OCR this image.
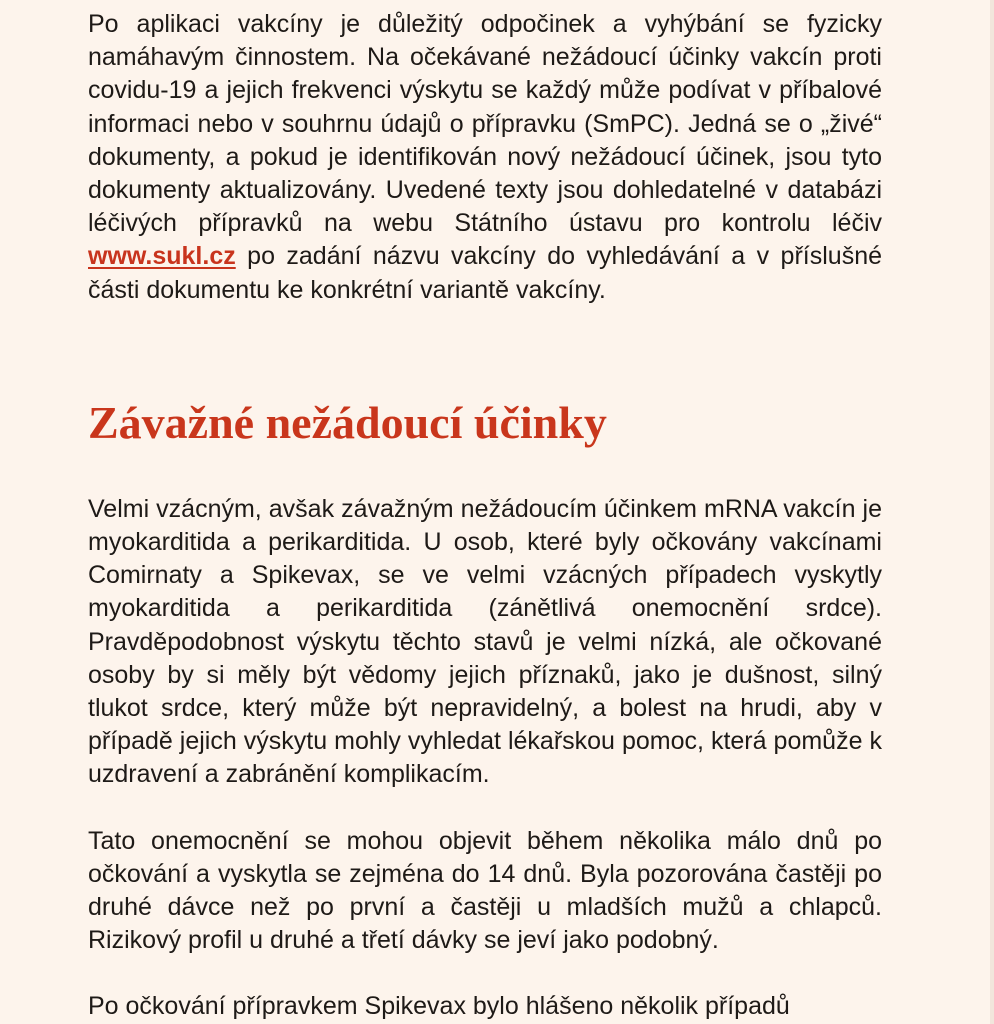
Po aplikaci vakcíny je důležitý odpočinek a vyhýbání se fyzicky namáhavým činnostem. Na očekávané nežádoucí účinky vakcín proti covidu-19 a jejich frekvenci výskytu se každý může podívat v příbalové informaci nebo v souhrnu údajů o přípravku (SmPC). Jedná se o „živé“ dokumenty, a pokud je identifikován nový nežádoucí účinek, jsou tyto dokumenty aktualizovány. Uvedené texty jsou dohledatelné v databázi léčivých přípravků na webu Státního ústavu pro kontrolu léčiv www.sukl.cz po zadání názvu vakcíny do vyhledávání a v příslušné části dokumentu ke konkrétní variantě vakcíny.

Závažné nežádoucí účinky

Velmi vzácným, avšak závažným nežádoucím účinkem mRNA vakcín je myokarditida a perikarditida. U osob, které byly očkovány vakcínami Comirnaty a Spikevax, se ve velmi vzácných případech vyskytly myokarditida a perikarditida (zánětlivá onemocnění srdce). Pravděpodobnost výskytu těchto stavů je velmi nízká, ale očkované osoby by si měly být vědomy jejich příznaků, jako je dušnost, silný tlukot srdce, který může být nepravidelný, a bolest na hrudi, aby v případě jejich výskytu mohly vyhledat lékařskou pomoc, která pomůže k uzdravení a zabránění komplikacím.

Tato onemocnění se mohou objevit během několika málo dnů po očkování a vyskytla se zejména do 14 dnů. Byla pozorována častěji po druhé dávce než po první a častěji u mladších mužů a chlapců. Rizikový profil u druhé a třetí dávky se jeví jako podobný.

Po očkování přípravkem Spikevax bylo hlášeno několik případů
